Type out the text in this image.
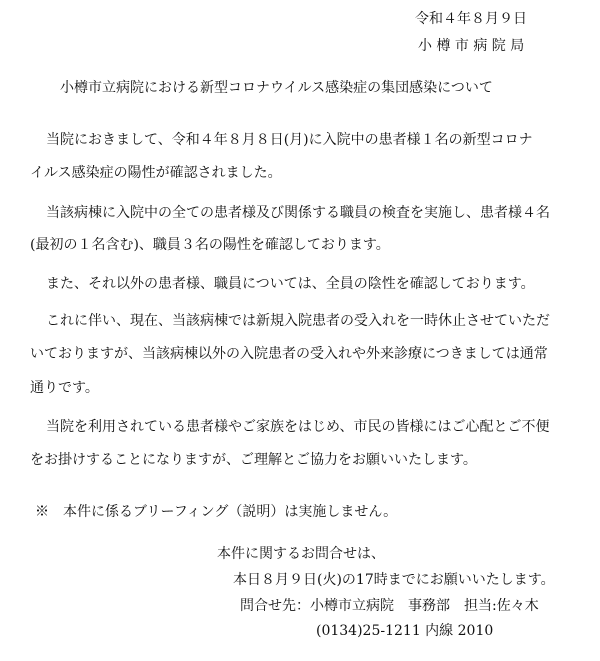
令和４年８月９日
小 樽 市 病 院 局
小樽市立病院における新型コロナウイルス感染症の集団感染について
当院におきまして、令和４年８月８日(月)に入院中の患者様１名の新型コロナ
イルス感染症の陽性が確認されました。
当該病棟に入院中の全ての患者様及び関係する職員の検査を実施し、患者様４名
(最初の１名含む)、職員３名の陽性を確認しております。
また、それ以外の患者様、職員については、全員の陰性を確認しております。
これに伴い、現在、当該病棟では新規入院患者の受入れを一時休止させていただ
いておりますが、当該病棟以外の入院患者の受入れや外来診療につきましては通常
通りです。
当院を利用されている患者様やご家族をはじめ、市民の皆様にはご心配とご不便
をお掛けすることになりますが、ご理解とご協力をお願いいたします。
※　本件に係るブリーフィング（説明）は実施しません。
本件に関するお問合せは、
本日８月９日(火)の17時までにお願いいたします。
問合せ先：小樽市立病院　事務部　担当:佐々木
(0134)25-1211 内線 2010
